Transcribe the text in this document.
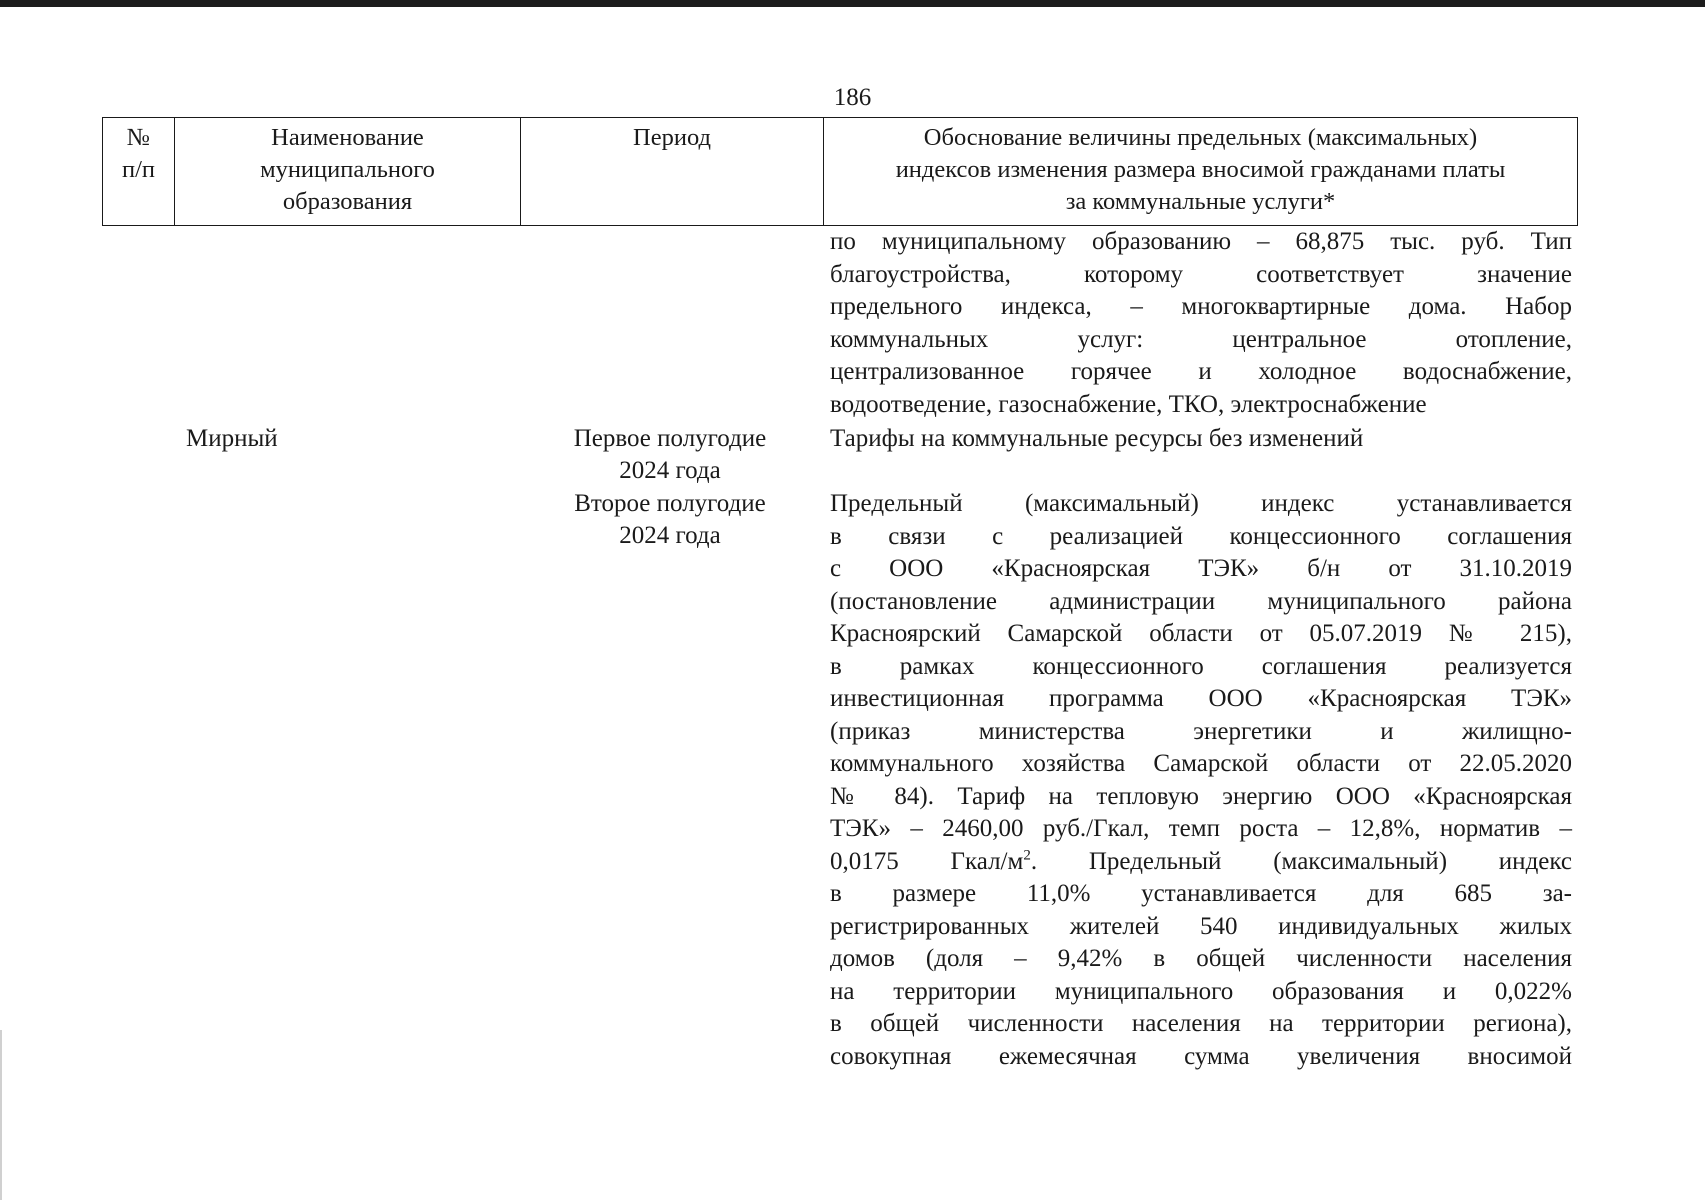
186
№
п/п
Наименование
муниципального
образования
Период	Обоснование величины предельных (максимальных)
индексов изменения размера вносимой гражданами платы
за коммунальные услуги*
по муниципальному образованию – 68,875 тыс. руб. Тип
благоустройства, которому соответствует значение
предельного индекса, – многоквартирные дома. Набор
коммунальных услуг: центральное отопление,
централизованное горячее и холодное водоснабжение,
водоотведение, газоснабжение, ТКО, электроснабжение
Мирный	Первое полугодие
2024 года
Тарифы на коммунальные ресурсы без изменений
Второе полугодие
2024 года
Предельный (максимальный) индекс устанавливается
в связи с реализацией концессионного соглашения
с ООО «Красноярская ТЭК» б/н от 31.10.2019
(постановление администрации муниципального района
Красноярский Самарской области от 05.07.2019 № 215),
в рамках концессионного соглашения реализуется
инвестиционная программа ООО «Красноярская ТЭК»
(приказ министерства энергетики и жилищно-
коммунального хозяйства Самарской области от 22.05.2020
№ 84). Тариф на тепловую энергию ООО «Красноярская
ТЭК» – 2460,00 руб./Гкал, темп роста – 12,8%, норматив –
0,0175 Гкал/$м^2$. Предельный (максимальный) индекс
в размере 11,0% устанавливается для 685 за-
регистрированных жителей 540 индивидуальных жилых
домов (доля – 9,42% в общей численности населения
на территории муниципального образования и 0,022%
в общей численности населения на территории региона),
совокупная ежемесячная сумма увеличения вносимой
